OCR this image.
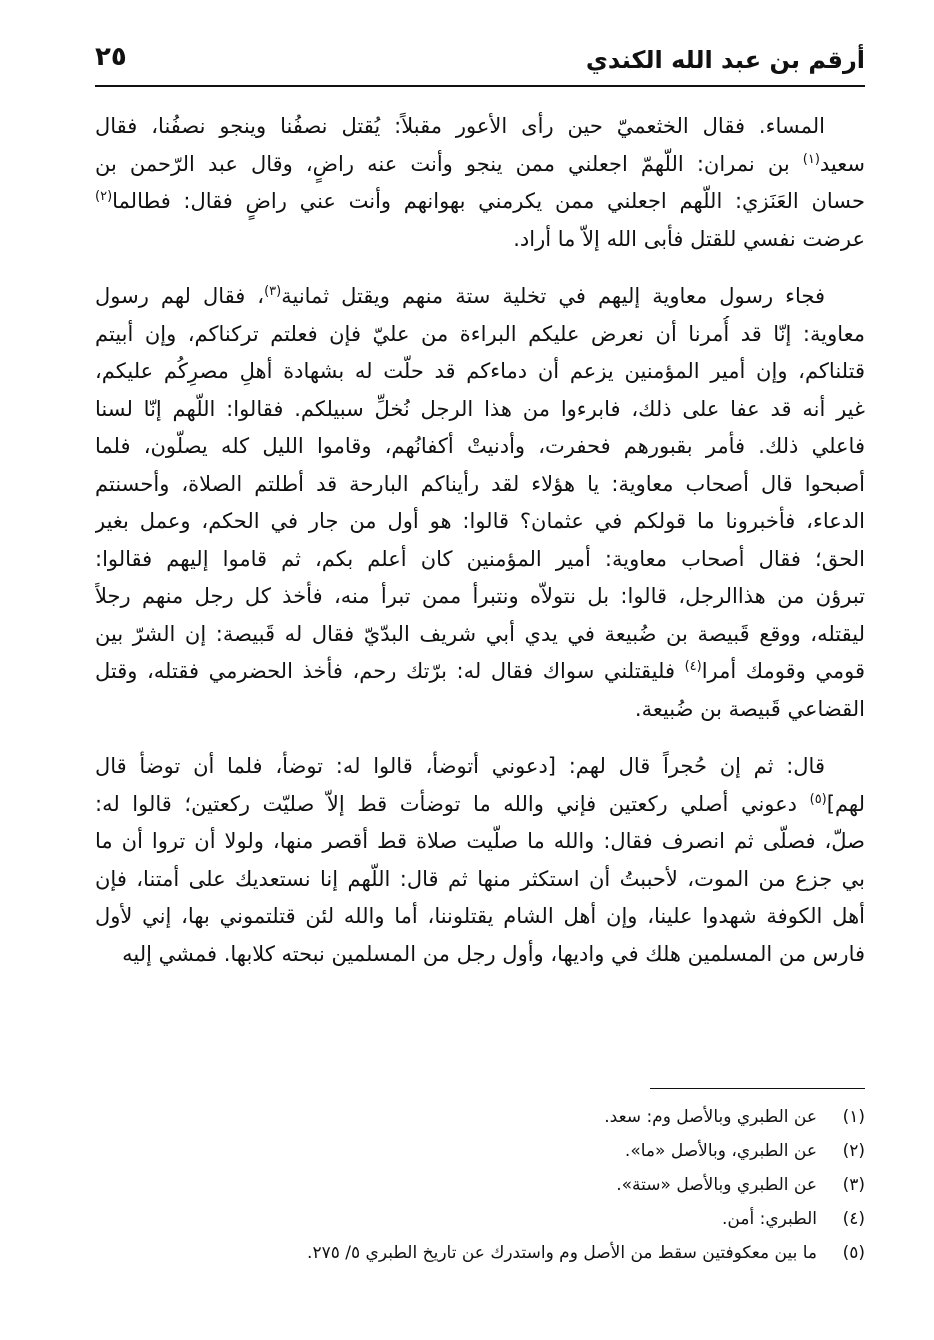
أرقم بن عبد الله الكندي
٢٥
المساء. فقال الخثعميّ حين رأى الأعور مقبلاً: يُقتل نصفُنا وينجو نصفُنا، فقال
سعيد$^{(١)}$ بن نمران: اللّهمّ اجعلني ممن ينجو وأنت عنه راضٍ، وقال عبد الرّحمن بن
حسان العَنَزي: اللّهم اجعلني ممن يكرمني بهوانهم وأنت عني راضٍ فقال: فطالما$^{(٢)}$
عرضت نفسي للقتل فأبى الله إلاّ ما أراد.
فجاء رسول معاوية إليهم في تخلية ستة منهم ويقتل ثمانية$^{(٣)}$، فقال لهم رسول
معاوية: إنّا قد أُمرنا أن نعرض عليكم البراءة من عليّ فإن فعلتم تركناكم، وإن أبيتم
قتلناكم، وإن أمير المؤمنين يزعم أن دماءكم قد حلّت له بشهادة أهلِ مصرِكُم عليكم،
غير أنه قد عفا على ذلك، فابرءوا من هذا الرجل نُخلِّ سبيلكم. فقالوا: اللّهم إنّا لسنا
فاعلي ذلك. فأمر بقبورهم فحفرت، وأدنيتْ أكفانُهم، وقاموا الليل كله يصلّون، فلما
أصبحوا قال أصحاب معاوية: يا هؤلاء لقد رأيناكم البارحة قد أطلتم الصلاة، وأحسنتم
الدعاء، فأخبرونا ما قولكم في عثمان؟ قالوا: هو أول من جار في الحكم، وعمل بغير
الحق؛ فقال أصحاب معاوية: أمير المؤمنين كان أعلم بكم، ثم قاموا إليهم فقالوا:
تبرؤن من هذاالرجل، قالوا: بل نتولاّه ونتبرأ ممن تبرأ منه، فأخذ كل رجل منهم رجلاً
ليقتله، ووقع قَبيصة بن ضُبيعة في يدي أبي شريف البدّيّ فقال له قَبيصة: إن الشرّ بين
قومي وقومك أمرا$^{(٤)}$ فليقتلني سواك فقال له: برّتك رحم، فأخذ الحضرمي فقتله، وقتل
القضاعي قَبيصة بن ضُبيعة.
قال: ثم إن حُجراً قال لهم: [دعوني أتوضأ، قالوا له: توضأ، فلما أن توضأ قال
لهم]$^{(٥)}$ دعوني أصلي ركعتين فإني والله ما توضأت قط إلاّ صليّت ركعتين؛ قالوا له:
صلّ، فصلّى ثم انصرف فقال: والله ما صلّيت صلاة قط أقصر منها، ولولا أن تروا أن ما
بي جزع من الموت، لأحببتُ أن استكثر منها ثم قال: اللّهم إنا نستعديك على أمتنا، فإن
أهل الكوفة شهدوا علينا، وإن أهل الشام يقتلوننا، أما والله لئن قتلتموني بها، إني لأول
فارس من المسلمين هلك في واديها، وأول رجل من المسلمين نبحته كلابها. فمشي إليه
(١)
عن الطبري وبالأصل وم: سعد.
(٢)
عن الطبري، وبالأصل «ما».
(٣)
عن الطبري وبالأصل «ستة».
(٤)
الطبري: أمن.
(٥)
ما بين معكوفتين سقط من الأصل وم واستدرك عن تاريخ الطبري ٥/ ٢٧٥.
